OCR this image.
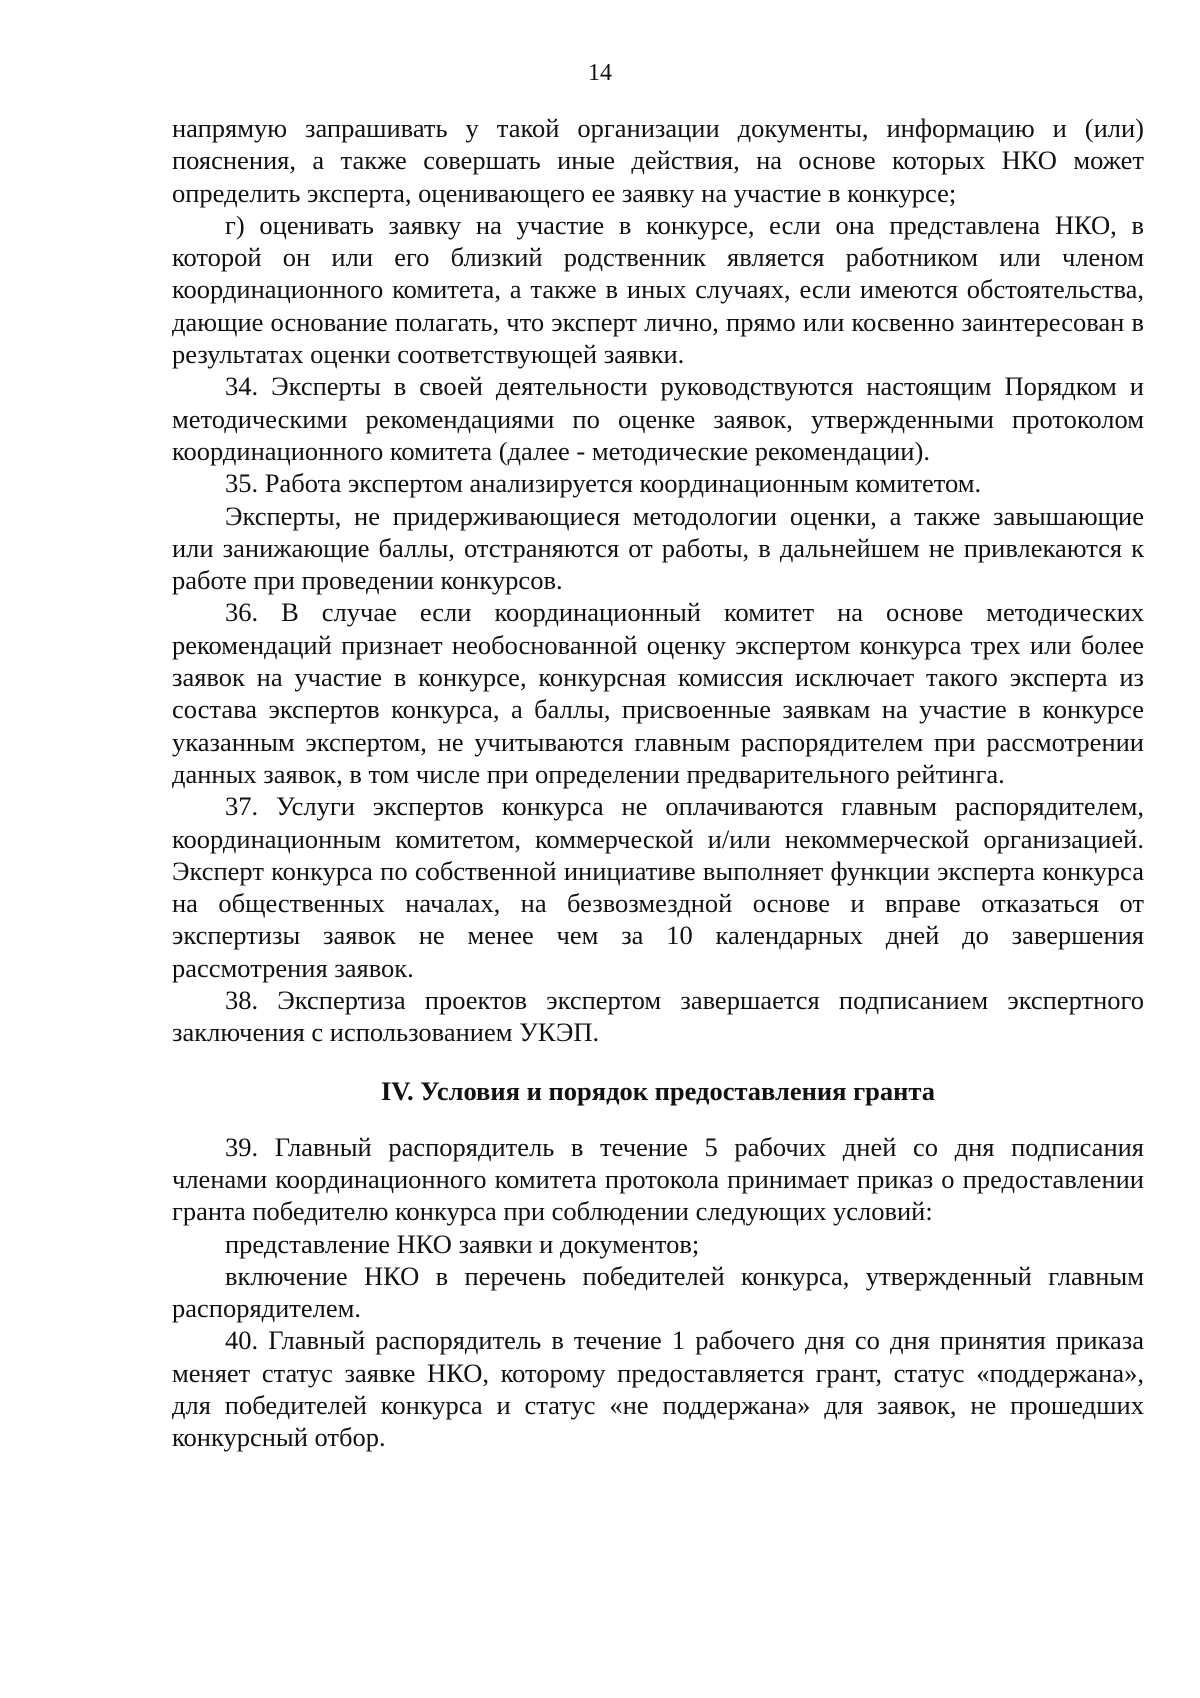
14

напрямую запрашивать у такой организации документы, информацию и (или) пояснения, а также совершать иные действия, на основе которых НКО может определить эксперта, оценивающего ее заявку на участие в конкурсе;

г) оценивать заявку на участие в конкурсе, если она представлена НКО, в которой он или его близкий родственник является работником или членом координационного комитета, а также в иных случаях, если имеются обстоятельства, дающие основание полагать, что эксперт лично, прямо или косвенно заинтересован в результатах оценки соответствующей заявки.

34. Эксперты в своей деятельности руководствуются настоящим Порядком и методическими рекомендациями по оценке заявок, утвержденными протоколом координационного комитета (далее - методические рекомендации).

35. Работа экспертом анализируется координационным комитетом.

Эксперты, не придерживающиеся методологии оценки, а также завышающие или занижающие баллы, отстраняются от работы, в дальнейшем не привлекаются к работе при проведении конкурсов.

36. В случае если координационный комитет на основе методических рекомендаций признает необоснованной оценку экспертом конкурса трех или более заявок на участие в конкурсе, конкурсная комиссия исключает такого эксперта из состава экспертов конкурса, а баллы, присвоенные заявкам на участие в конкурсе указанным экспертом, не учитываются главным распорядителем при рассмотрении данных заявок, в том числе при определении предварительного рейтинга.

37. Услуги экспертов конкурса не оплачиваются главным распорядителем, координационным комитетом, коммерческой и/или некоммерческой организацией. Эксперт конкурса по собственной инициативе выполняет функции эксперта конкурса на общественных началах, на безвозмездной основе и вправе отказаться от экспертизы заявок не менее чем за 10 календарных дней до завершения рассмотрения заявок.

38. Экспертиза проектов экспертом завершается подписанием экспертного заключения с использованием УКЭП.

IV. Условия и порядок предоставления гранта

39. Главный распорядитель в течение 5 рабочих дней со дня подписания членами координационного комитета протокола принимает приказ о предоставлении гранта победителю конкурса при соблюдении следующих условий:

представление НКО заявки и документов;

включение НКО в перечень победителей конкурса, утвержденный главным распорядителем.

40. Главный распорядитель в течение 1 рабочего дня со дня принятия приказа меняет статус заявке НКО, которому предоставляется грант, статус «поддержана», для победителей конкурса и статус «не поддержана» для заявок, не прошедших конкурсный отбор.
